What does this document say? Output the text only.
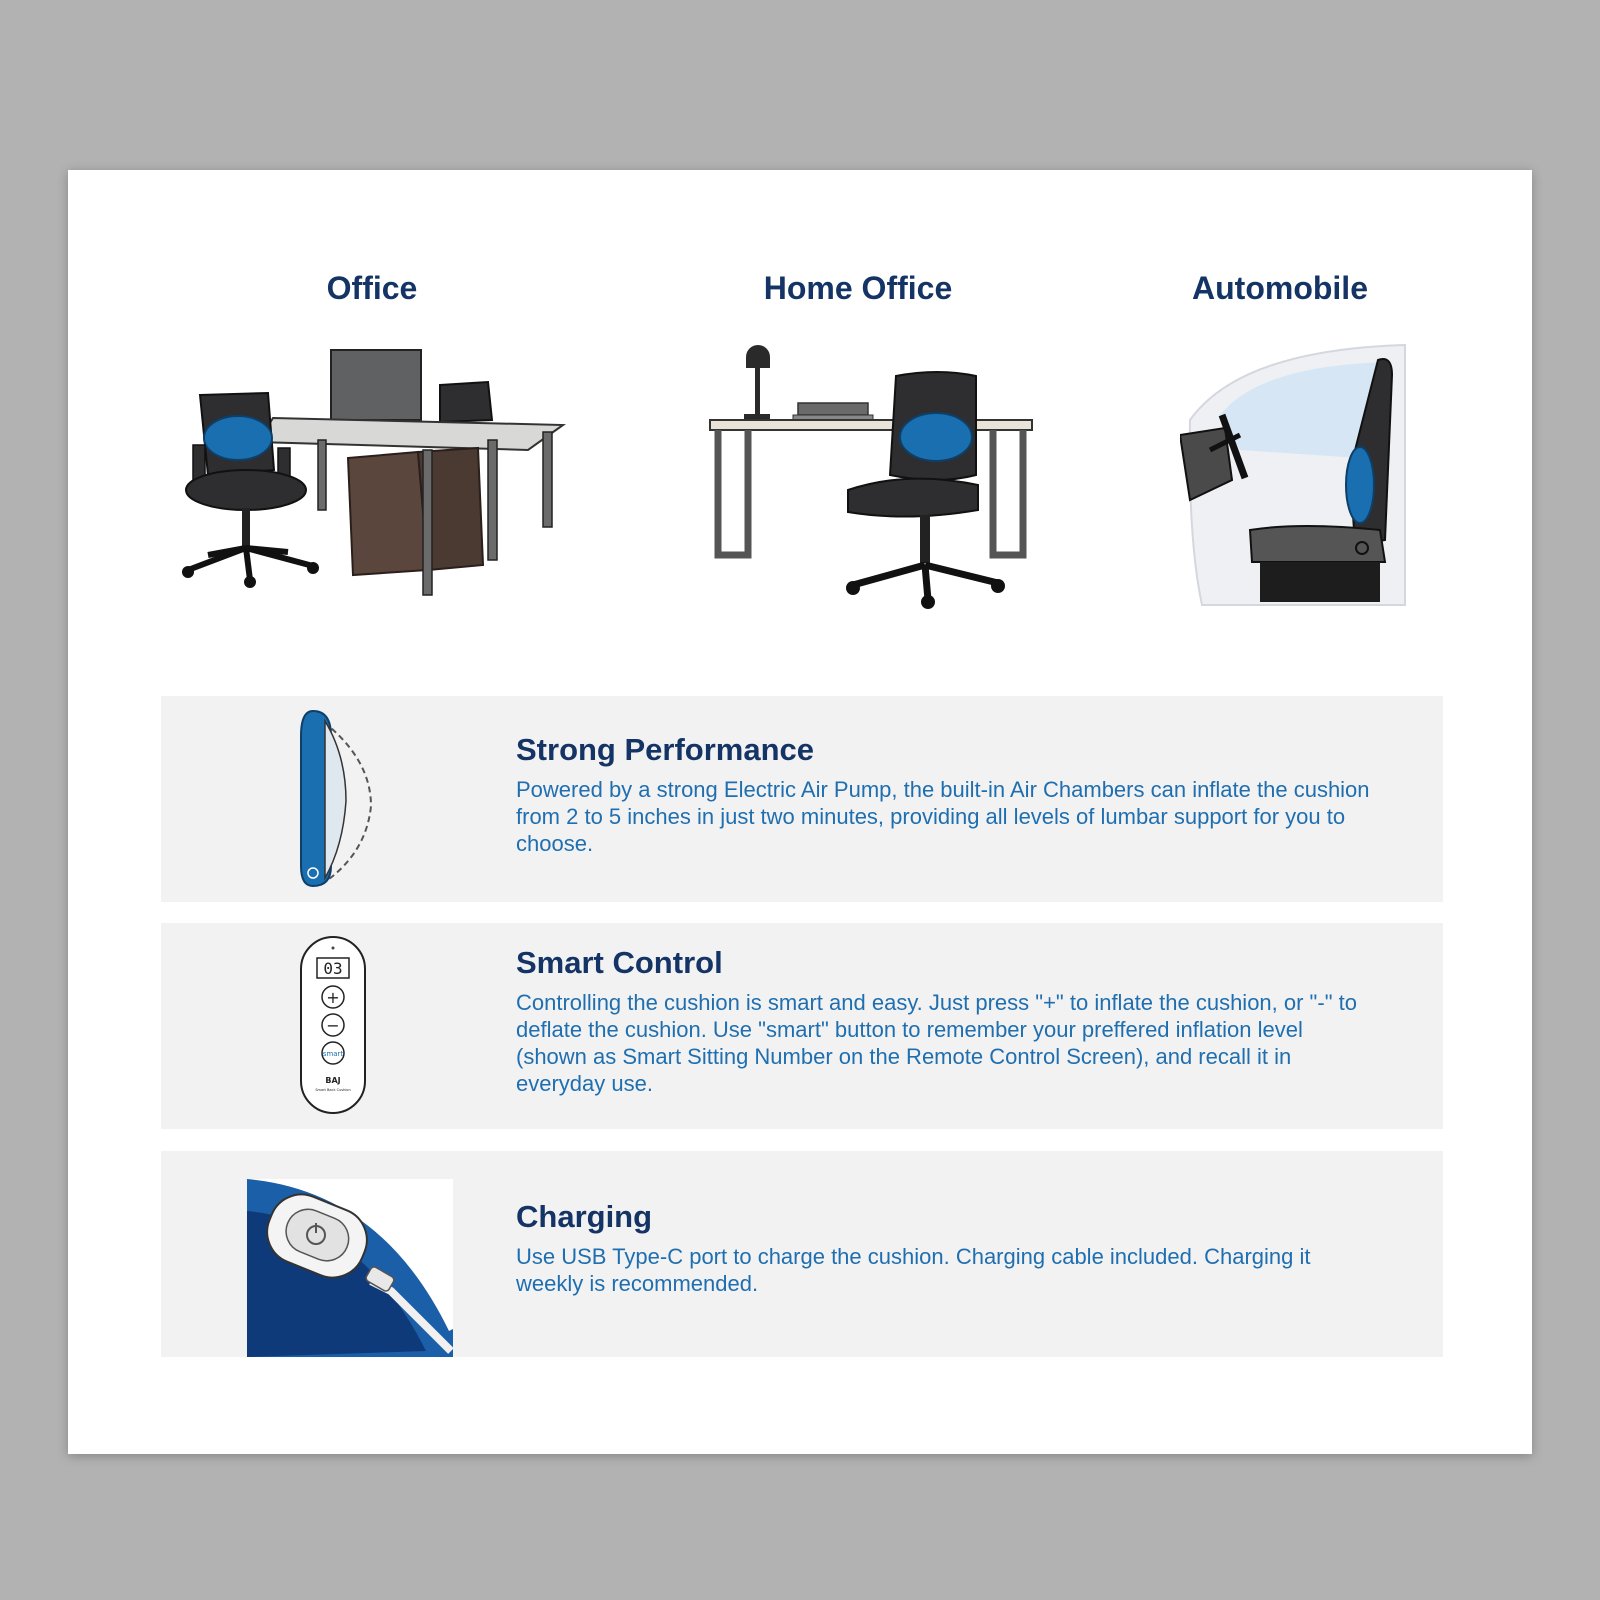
Office	Home Office	Automobile
Strong Performance

Powered by a strong Electric Air Pump, the built-in Air Chambers can inflate the cushion from 2 to 5 inches in just two minutes, providing all levels of lumbar support for you to choose.

03
+
−
smart
BAJ
Smart Back Cushion
Smart Control

Controlling the cushion is smart and easy. Just press "+" to inflate the cushion, or "-" to deflate the cushion. Use "smart" button to remember your preffered inflation level (shown as Smart Sitting Number on the Remote Control Screen), and recall it in everyday use.

Charging

Use USB Type-C port to charge the cushion. Charging cable included. Charging it weekly is recommended.
